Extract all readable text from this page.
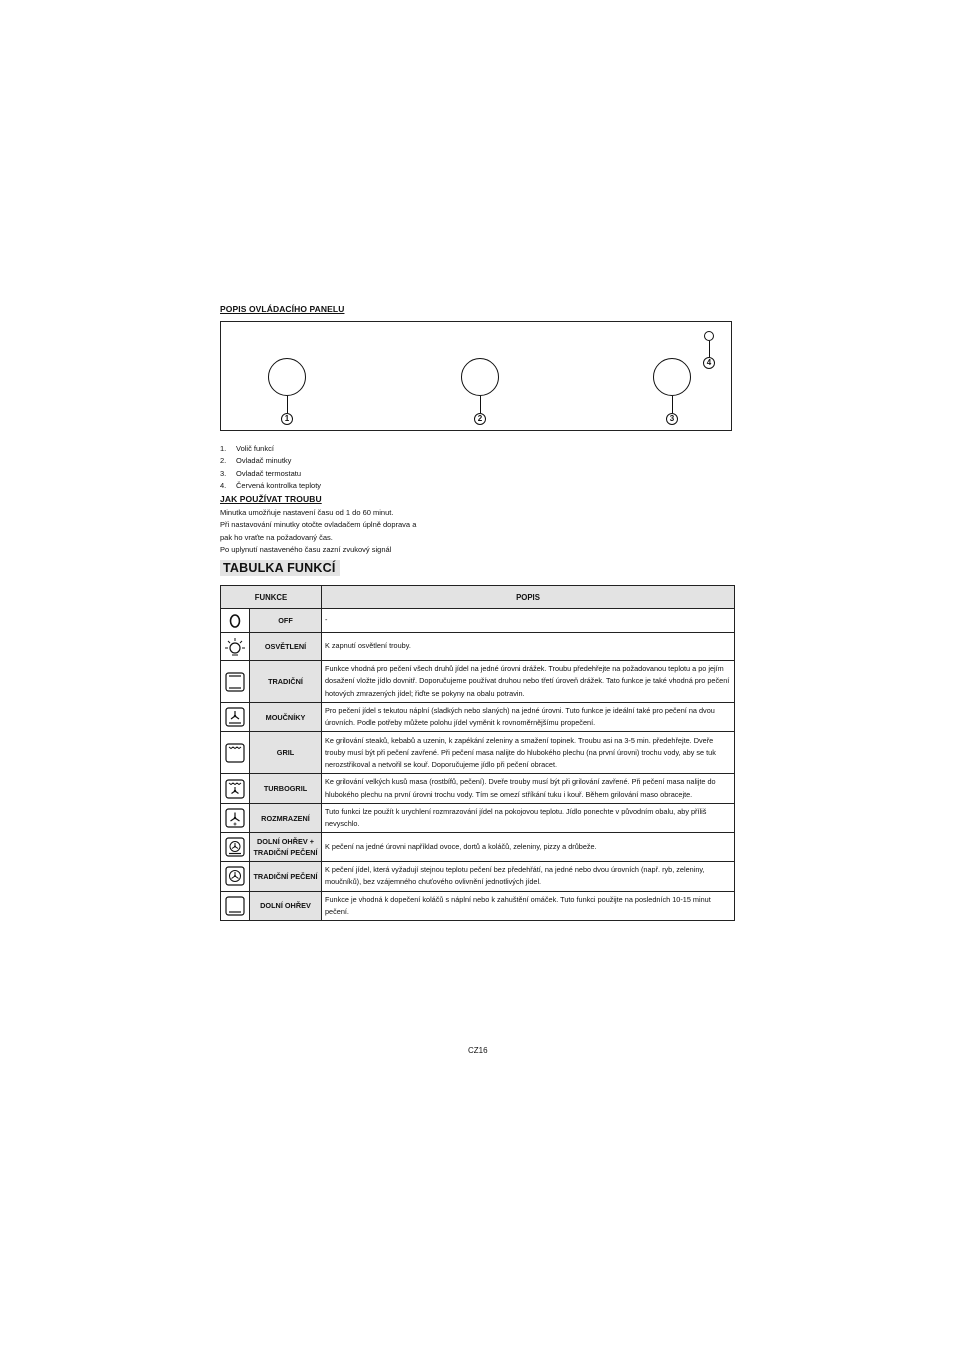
POPIS OVLÁDACÍHO PANELU
1	2	3
4
1.	Volič funkcí
2.	Ovladač minutky
3.	Ovladač termostatu
4.	Červená kontrolka teploty
JAK POUŽÍVAT TROUBU
Minutka umožňuje nastavení času od 1 do 60 minut.
Při nastavování minutky otočte ovladačem úplně doprava a
pak ho vraťte na požadovaný čas.
Po uplynutí nastaveného času zazní zvukový signál
TABULKA FUNKCÍ
FUNKCE		POPIS

	OFF	-

	OSVĚTLENÍ	K zapnutí osvětlení trouby.

	TRADIČNÍ	Funkce vhodná pro pečení všech druhů jídel na jedné úrovni drážek. Troubu předehřejte na požadovanou teplotu a po jejím dosažení vložte jídlo dovnitř. Doporučujeme používat druhou nebo třetí úroveň drážek. Tato funkce je také vhodná pro pečení hotových zmrazených jídel; řiďte se pokyny na obalu potravin.

	MOUČNÍKY	Pro pečení jídel s tekutou náplní (sladkých nebo slaných) na jedné úrovni. Tuto funkce je ideální také pro pečení na dvou úrovních. Podle potřeby můžete polohu jídel vyměnit k rovnoměrnějšímu propečení.

	GRIL	Ke grilování steaků, kebabů a uzenin, k zapékání zeleniny a smažení topinek. Troubu asi na 3-5 min. předehřejte. Dveře trouby musí být při pečení zavřené. Při pečení masa nalijte do hlubokého plechu (na první úrovni) trochu vody, aby se tuk nerozstřikoval a netvořil se kouř. Doporučujeme jídlo při pečení obracet.

	TURBOGRIL	Ke grilování velkých kusů masa (rostbífů, pečení). Dveře trouby musí být při grilování zavřené. Při pečení masa nalijte do hlubokého plechu na první úrovni trochu vody. Tím se omezí stříkání tuku i kouř. Během grilování maso obracejte.

	ROZMRAZENÍ	Tuto funkci lze použít k urychlení rozmrazování jídel na pokojovou teplotu. Jídlo ponechte v původním obalu, aby příliš nevyschlo.

	DOLNÍ OHŘEV +
TRADIČNÍ PEČENÍ	K pečení na jedné úrovni například ovoce, dortů a koláčů, zeleniny, pizzy a drůbeže.

	TRADIČNÍ PEČENÍ	K pečení jídel, která vyžadují stejnou teplotu pečení bez předehřátí, na jedné nebo dvou úrovních (např. ryb, zeleniny, moučníků), bez vzájemného chuťového ovlivnění jednotlivých jídel.

	DOLNÍ OHŘEV	Funkce je vhodná k dopečení koláčů s náplní nebo k zahuštění omáček. Tuto funkci použijte na posledních 10-15 minut pečení.
CZ16
